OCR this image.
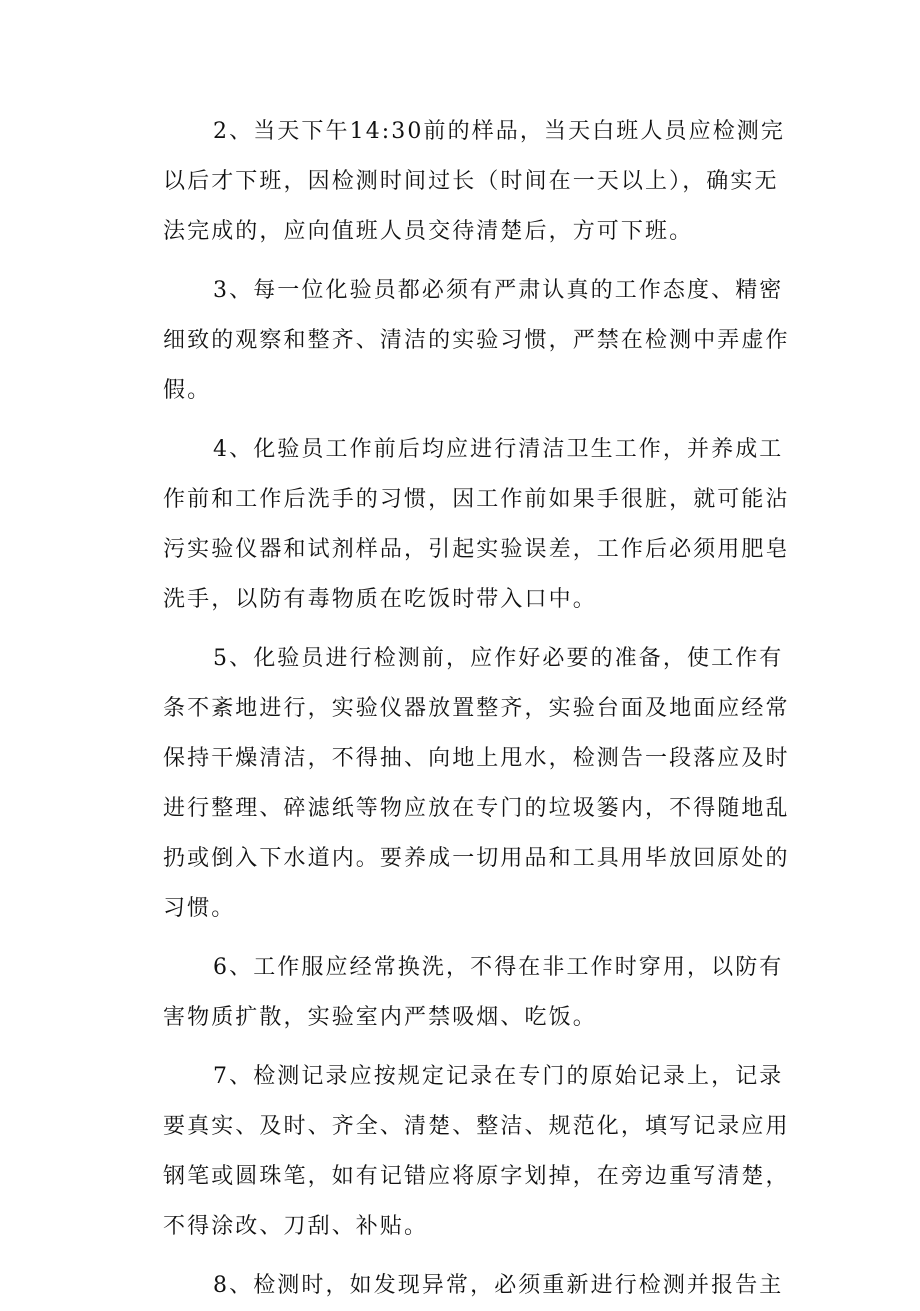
2、当天下午14:30前的样品，当天白班人员应检测完以后才下班，因检测时间过长（时间在一天以上），确实无法完成的，应向值班人员交待清楚后，方可下班。

3、每一位化验员都必须有严肃认真的工作态度、精密细致的观察和整齐、清洁的实验习惯，严禁在检测中弄虚作假。

4、化验员工作前后均应进行清洁卫生工作，并养成工作前和工作后洗手的习惯，因工作前如果手很脏，就可能沾污实验仪器和试剂样品，引起实验误差，工作后必须用肥皂洗手，以防有毒物质在吃饭时带入口中。

5、化验员进行检测前，应作好必要的准备，使工作有条不紊地进行，实验仪器放置整齐，实验台面及地面应经常保持干燥清洁，不得抽、向地上甩水，检测告一段落应及时进行整理、碎滤纸等物应放在专门的垃圾篓内，不得随地乱扔或倒入下水道内。要养成一切用品和工具用毕放回原处的习惯。

6、工作服应经常换洗，不得在非工作时穿用，以防有害物质扩散，实验室内严禁吸烟、吃饭。

7、检测记录应按规定记录在专门的原始记录上，记录要真实、及时、齐全、清楚、整洁、规范化，填写记录应用钢笔或圆珠笔，如有记错应将原字划掉，在旁边重写清楚，不得涂改、刀刮、补贴。

8、检测时，如发现异常，必须重新进行检测并报告主
